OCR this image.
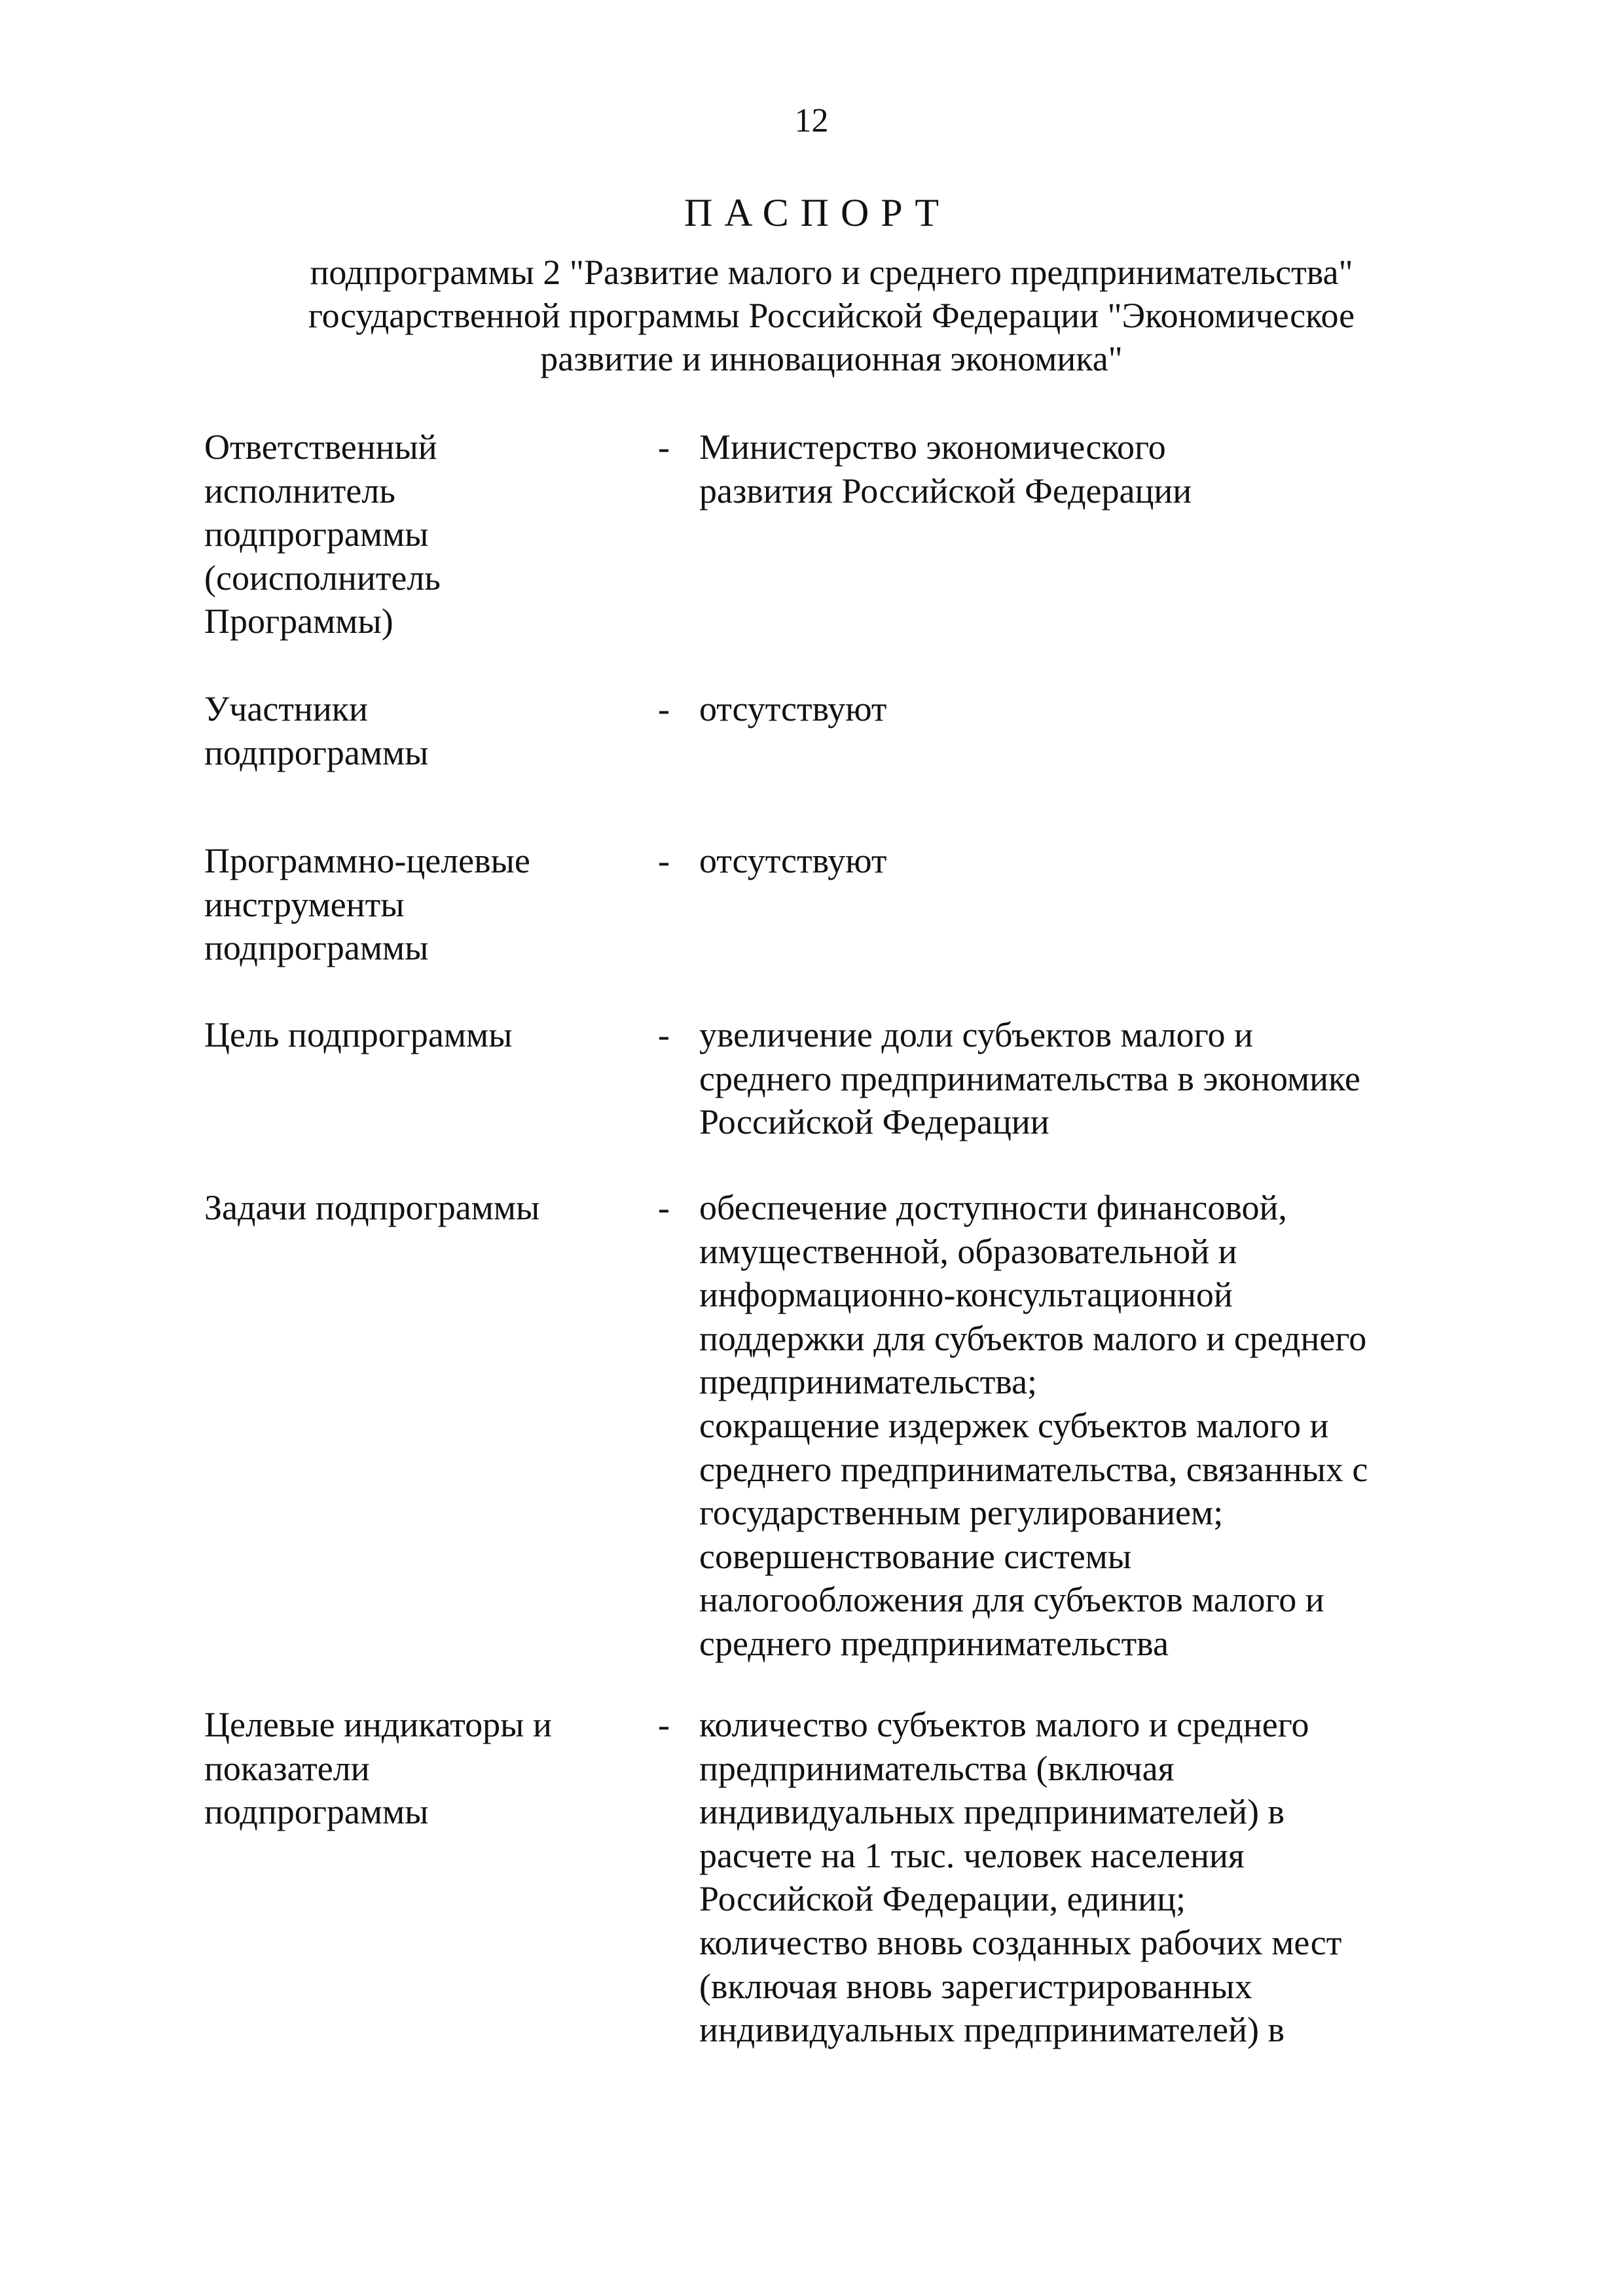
12
ПАСПОРТ
подпрограммы 2 "Развитие малого и среднего предпринимательства"
государственной программы Российской Федерации "Экономическое
развитие и инновационная экономика"
Ответственный
исполнитель
подпрограммы
(соисполнитель
Программы)
- Министерство экономического
развития Российской Федерации
Участники
подпрограммы
- отсутствуют
Программно-целевые
инструменты
подпрограммы
- отсутствуют
Цель подпрограммы	- увеличение доли субъектов малого и
среднего предпринимательства в экономике
Российской Федерации
Задачи подпрограммы	- обеспечение доступности финансовой,
имущественной, образовательной и
информационно-консультационной
поддержки для субъектов малого и среднего
предпринимательства;
сокращение издержек субъектов малого и
среднего предпринимательства, связанных с
государственным регулированием;
совершенствование системы
налогообложения для субъектов малого и
среднего предпринимательства
Целевые индикаторы и
показатели
подпрограммы
- количество субъектов малого и среднего
предпринимательства (включая
индивидуальных предпринимателей) в
расчете на 1 тыс. человек населения
Российской Федерации, единиц;
количество вновь созданных рабочих мест
(включая вновь зарегистрированных
индивидуальных предпринимателей) в
